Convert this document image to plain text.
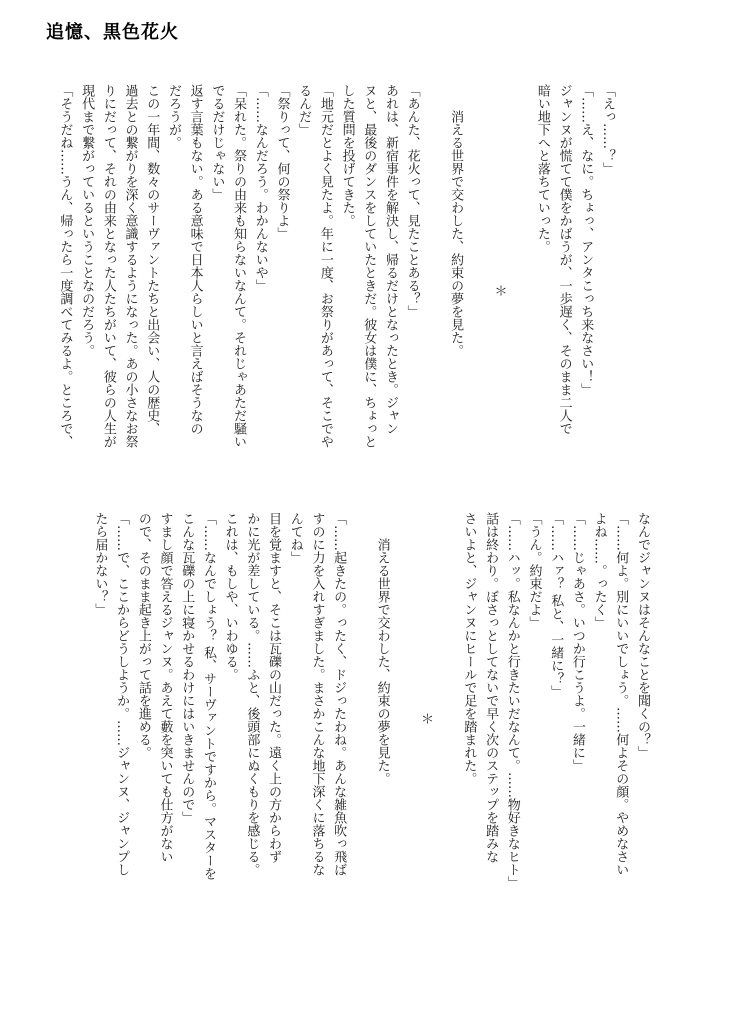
追憶、黒色花火

「えっ……？」

「……え、なに。ちょっ、アンタこっち来なさい！」

ジャンヌが慌てて僕をかばうが、一歩遅く、そのまま二人で

暗い地下へと落ちていった。

＊

消える世界で交わした、約束の夢を見た。

「あんた、花火って、見たことある？」

あれは、新宿事件を解決し、帰るだけとなったとき。ジャン

ヌと、最後のダンスをしていたときだ。彼女は僕に、ちょっと

した質問を投げてきた。

「地元だとよく見たよ。年に一度、お祭りがあって、そこでや

るんだ」

「祭りって、何の祭りよ」

「……なんだろう。わかんないや」

「呆れた。祭りの由来も知らないなんて。それじゃあただ騒い

でるだけじゃない」

返す言葉もない。ある意味で日本人らしいと言えばそうなの

だろうが。

この一年間、数々のサーヴァントたちと出会い、人の歴史、

過去との繋がりを深く意識するようになった。あの小さなお祭

りにだって、それの由来となった人たちがいて、彼らの人生が

現代まで繋がっているということなのだろう。

「そうだね……うん、帰ったら一度調べてみるよ。ところで、

なんでジャンヌはそんなことを聞くの？」

「……何よ。別にいいでしょう。……何よその顔。やめなさい

よね……。ったく」

「……じゃあさ。いつか行こうよ。一緒に」

「……ハァ？ 私と、一緒に？」

「うん。約束だよ」

「……ハッ。私なんかと行きたいだなんて。……物好きなヒト」

話は終わり。ぼさっとしてないで早く次のステップを踏みな

さいよと、ジャンヌにヒールで足を踏まれた。

＊

消える世界で交わした、約束の夢を見た。

「……起きたの。ったく、ドジったわね。あんな雑魚吹っ飛ば

すのに力を入れすぎました。まさかこんな地下深くに落ちるな

んてね」

目を覚ますと、そこは瓦礫の山だった。遠く上の方からわず

かに光が差している。……ふと、後頭部にぬくもりを感じる。

これは、もしや、いわゆる。

「……なんでしょう？ 私、サーヴァントですから。マスターを

こんな瓦礫の上に寝かせるわけにはいきませんので」

すまし顔で答えるジャンヌ。あえて藪を突いても仕方がない

ので、そのまま起き上がって話を進める。

「……で、ここからどうしようか。……ジャンヌ、ジャンプし

たら届かない？」
